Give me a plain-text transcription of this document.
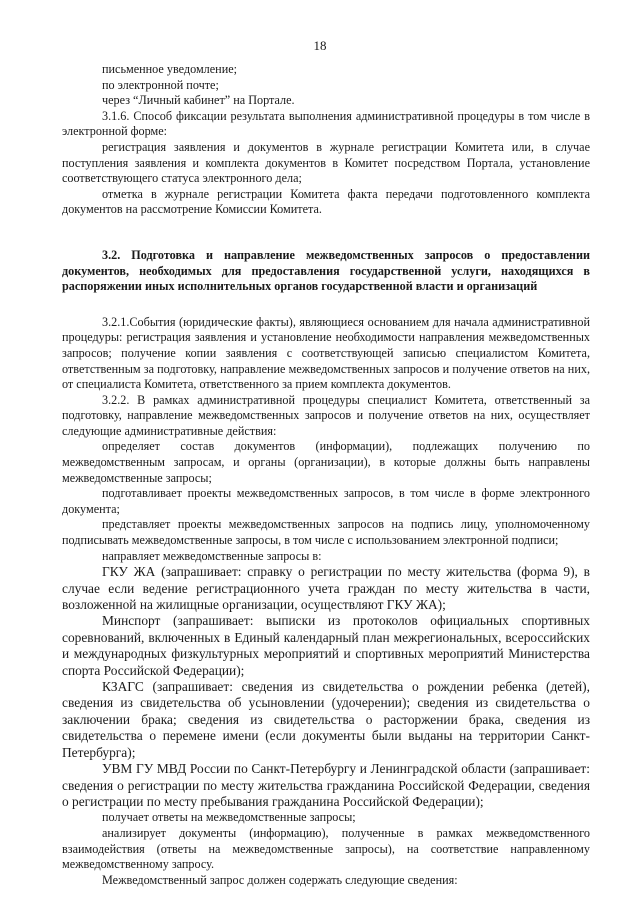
18

письменное уведомление;

по электронной почте;

через “Личный кабинет” на Портале.

3.1.6. Способ фиксации результата выполнения административной процедуры в том числе в электронной форме:

регистрация заявления и документов в журнале регистрации Комитета или, в случае поступления заявления и комплекта документов в Комитет посредством Портала, установление соответствующего статуса электронного дела;

отметка в журнале регистрации Комитета факта передачи подготовленного комплекта документов на рассмотрение Комиссии Комитета.

3.2. Подготовка и направление межведомственных запросов о предоставлении документов, необходимых для предоставления государственной услуги, находящихся в распоряжении иных исполнительных органов государственной власти и организаций

3.2.1.События (юридические факты), являющиеся основанием для начала административной процедуры: регистрация заявления и установление необходимости направления межведомственных запросов; получение копии заявления с соответствующей записью специалистом Комитета, ответственным за подготовку, направление межведомственных запросов и получение ответов на них, от специалиста Комитета, ответственного за прием комплекта документов.

3.2.2. В рамках административной процедуры специалист Комитета, ответственный за подготовку, направление межведомственных запросов и получение ответов на них, осуществляет следующие административные действия:

определяет состав документов (информации), подлежащих получению по межведомственным запросам, и органы (организации), в которые должны быть направлены межведомственные запросы;

подготавливает проекты межведомственных запросов, в том числе в форме электронного документа;

представляет проекты межведомственных запросов на подпись лицу, уполномоченному подписывать межведомственные запросы, в том числе с использованием электронной подписи;

направляет межведомственные запросы в:

ГКУ ЖА (запрашивает: справку о регистрации по месту жительства (форма 9), в случае если ведение регистрационного учета граждан по месту жительства в части, возложенной на жилищные организации, осуществляют ГКУ ЖА);

Минспорт (запрашивает: выписки из протоколов официальных спортивных соревнований, включенных в Единый календарный план межрегиональных, всероссийских и международных физкультурных мероприятий и спортивных мероприятий Министерства спорта Российской Федерации);

КЗАГС (запрашивает: сведения из свидетельства о рождении ребенка (детей), сведения из свидетельства об усыновлении (удочерении); сведения из свидетельства о заключении брака; сведения из свидетельства о расторжении брака, сведения из свидетельства о перемене имени (если документы были выданы на территории Санкт-Петербурга);

УВМ ГУ МВД России по Санкт-Петербургу и Ленинградской области (запрашивает: сведения о регистрации по месту жительства гражданина Российской Федерации, сведения о регистрации по месту пребывания гражданина Российской Федерации);

получает ответы на межведомственные запросы;

анализирует документы (информацию), полученные в рамках межведомственного взаимодействия (ответы на межведомственные запросы), на соответствие направленному межведомственному запросу.

Межведомственный запрос должен содержать следующие сведения:
